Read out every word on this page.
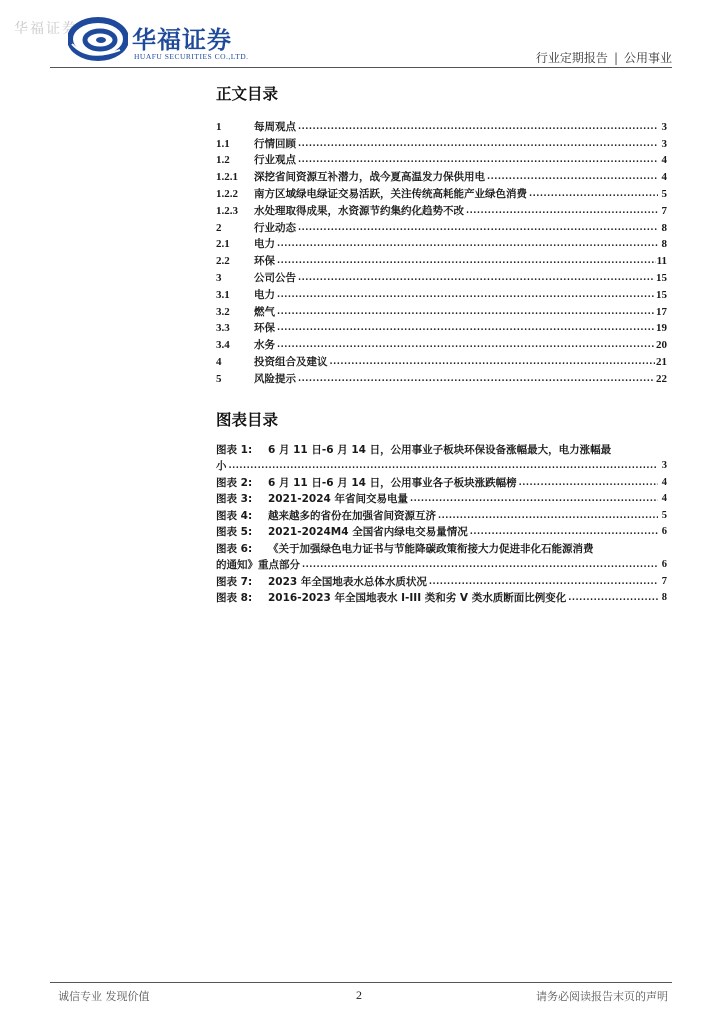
华福证券 华福证券
HUAFU SECURITIES CO.,LTD.	行业定期报告 | 公用事业
正文目录
1	每周观点 .....	3
1.1	行情回顾 .....	3
1.2	行业观点 .....	4
1.2.1	深挖省间资源互补潜力，战今夏高温发力保供用电 .....	4
1.2.2	南方区域绿电绿证交易活跃，关注传统高耗能产业绿色消费 .....	5
1.2.3	水处理取得成果，水资源节约集约化趋势不改 .....	7
2	行业动态 .....	8
2.1	电力 .....	8
2.2	环保 .....	11
3	公司公告 .....	15
3.1	电力 .....	15
3.2	燃气 .....	17
3.3	环保 .....	19
3.4	水务 .....	20
4	投资组合及建议 .....	21
5	风险提示 .....	22
图表目录
图表 1:	6 月 11 日-6 月 14 日，公用事业子板块环保设备涨幅最大，电力涨幅最
小 .....	3
图表 2:	6 月 11 日-6 月 14 日，公用事业各子板块涨跌幅榜 .....	4
图表 3:	2021-2024 年省间交易电量 .....	4
图表 4:	越来越多的省份在加强省间资源互济 .....	5
图表 5:	2021-2024M4 全国省内绿电交易量情况 .....	6
图表 6:	《关于加强绿色电力证书与节能降碳政策衔接大力促进非化石能源消费
的通知》重点部分 .....	6
图表 7:	2023 年全国地表水总体水质状况 .....	7
图表 8:	2016-2023 年全国地表水 I-III 类和劣 V 类水质断面比例变化 .....	8
诚信专业 发现价值	2	请务必阅读报告末页的声明
